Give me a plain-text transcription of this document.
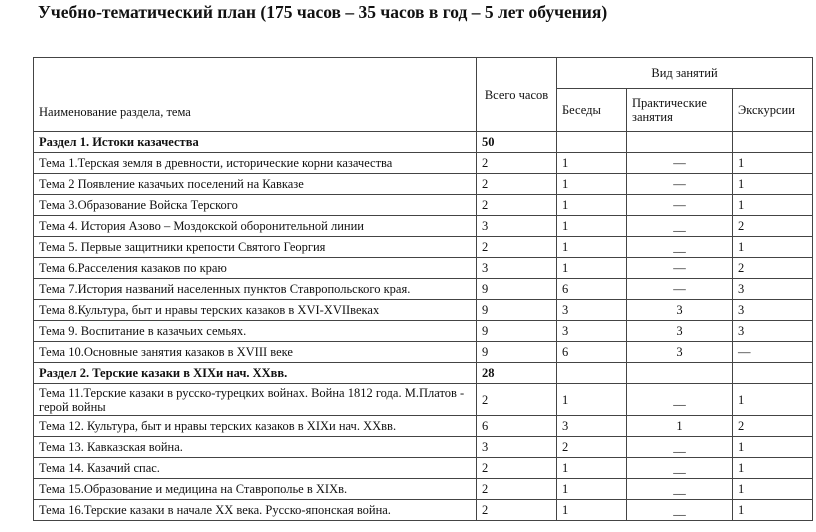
Учебно-тематический план (175 часов – 35 часов в год – 5 лет обучения)
Наименование раздела, тема	Всего часов	Вид занятий		
		Беседы	Практические занятия	Экскурсии
Раздел 1. Истоки казачества	50			
Тема 1.Терская земля в древности, исторические корни казачества	2	1	—	1
Тема 2 Появление казачьих поселений на Кавказе	2	1	—	1
Тема 3.Образование Войска Терского	2	1	—	1
Тема 4. История Азово – Моздокской оборонительной линии	3	1	__	2
Тема 5. Первые защитники крепости Святого Георгия	2	1	__	1
Тема 6.Расселения казаков по краю	3	1	—	2
Тема 7.История названий населенных пунктов Ставропольского края.	9	6	—	3
Тема 8.Культура, быт и нравы терских казаков в XVI-XVIIвеках	9	3	3	3
Тема 9. Воспитание в казачьих семьях.	9	3	3	3
Тема 10.Основные занятия казаков в XVIII веке	9	6	3	—
Раздел 2. Терские казаки в XIXи нач. XXвв.	28			
Тема 11.Терские казаки в русско-турецких войнах. Война 1812 года. М.Платов - герой войны	2	1	__	1
Тема 12. Культура, быт и нравы терских казаков в XIXи нач. XXвв.	6	3	1	2
Тема 13. Кавказская война.	3	2	__	1
Тема 14. Казачий спас.	2	1	__	1
Тема 15.Образование и медицина на Ставрополье в XIXв.	2	1	__	1
Тема 16.Терские казаки в начале XX века. Русско-японская война.	2	1	__	1
